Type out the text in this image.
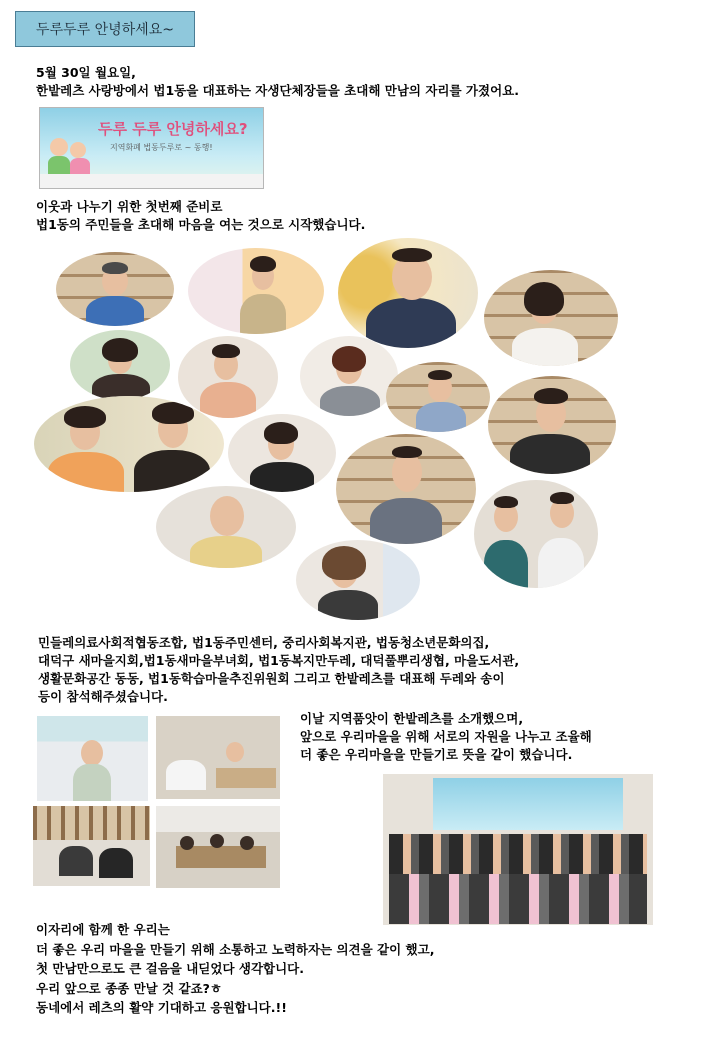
두루두루 안녕하세요~
5월 30일 월요일,
한밭레츠 사랑방에서 법1동을 대표하는 자생단체장들을 초대해 만남의 자리를 가졌어요.
두루 두루 안녕하세요?
지역화폐 법동두루로 ~ 동행!
이웃과 나누기 위한 첫번째 준비로
법1동의 주민들을 초대해 마음을 여는 것으로 시작했습니다.
민들레의료사회적협동조합, 법1동주민센터, 중리사회복지관, 법동청소년문화의집,
대덕구 새마을지회,법1동새마을부녀회, 법1동복지만두레, 대덕풀뿌리생협, 마을도서관,
생활문화공간 동동, 법1동학습마을추진위원회 그리고 한밭레츠를 대표해 두레와 송이
등이 참석해주셨습니다.
이날 지역품앗이 한밭레츠를 소개했으며,
앞으로 우리마을을 위해 서로의 자원을 나누고 조율해
더 좋은 우리마을을 만들기로 뜻을 같이 했습니다.
이자리에 함께 한 우리는
더 좋은 우리 마을을 만들기 위해 소통하고 노력하자는 의견을 같이 했고,
첫 만남만으로도 큰 걸음을 내딛었다 생각합니다.
우리 앞으로 종종 만날 것 같죠?ㅎ
동네에서 레츠의 활약 기대하고 응원합니다.!!
